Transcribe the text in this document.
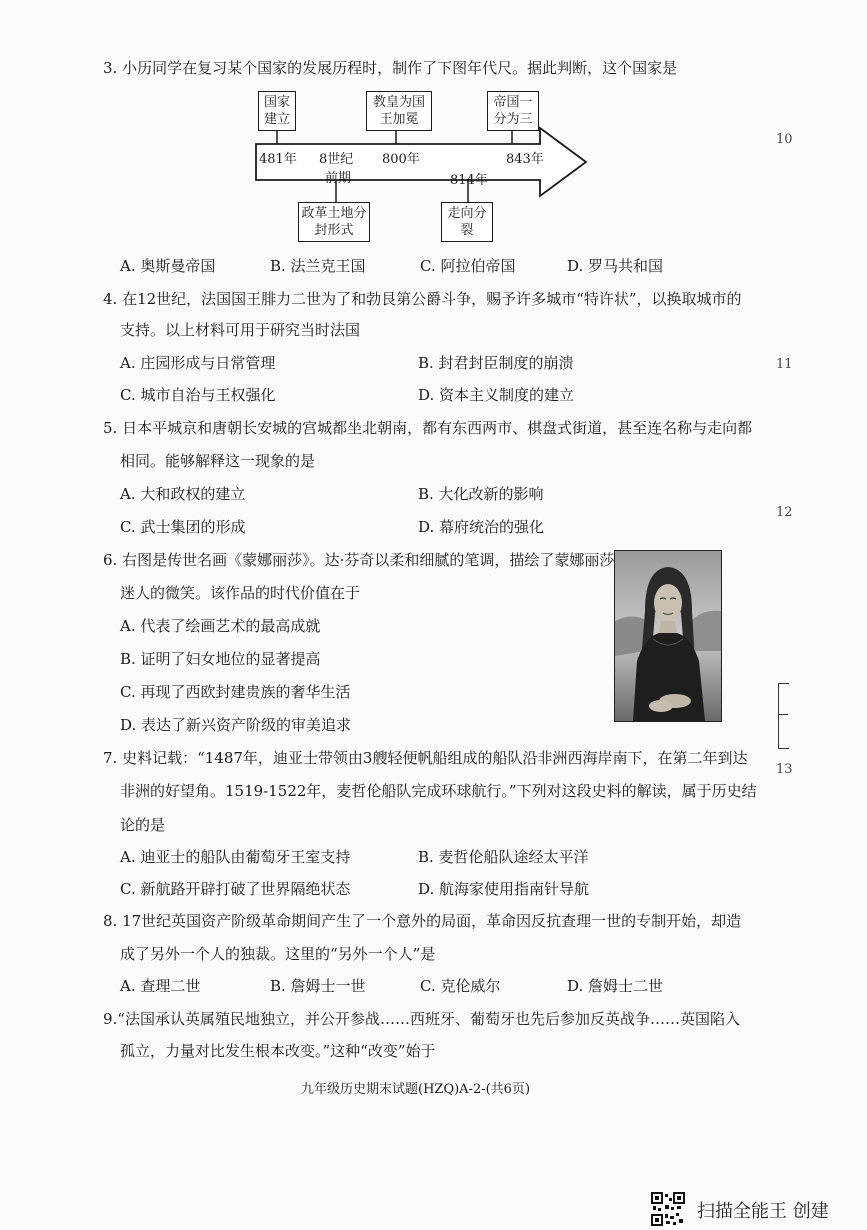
3. 小历同学在复习某个国家的发展历程时，制作了下图年代尺。据此判断，这个国家是
国家建立
教皇为国王加冕
帝国一分为三
481年 8世纪 800年	843年
前期	814年
政革土地分封形式
走向分裂
A. 奥斯曼帝国	B. 法兰克王国	C. 阿拉伯帝国	D. 罗马共和国
4. 在12世纪，法国国王腓力二世为了和勃艮第公爵斗争，赐予许多城市“特许状”，以换取城市的
支持。以上材料可用于研究当时法国
A. 庄园形成与日常管理	B. 封君封臣制度的崩溃
C. 城市自治与王权强化	D. 资本主义制度的建立
5. 日本平城京和唐朝长安城的宫城都坐北朝南，都有东西两市、棋盘式街道，甚至连名称与走向都
相同。能够解释这一现象的是
A. 大和政权的建立	B. 大化改新的影响
C. 武士集团的形成	D. 幕府统治的强化
6. 右图是传世名画《蒙娜丽莎》。达·芬奇以柔和细腻的笔调，描绘了蒙娜丽莎
迷人的微笑。该作品的时代价值在于
A. 代表了绘画艺术的最高成就
B. 证明了妇女地位的显著提高
C. 再现了西欧封建贵族的奢华生活
D. 表达了新兴资产阶级的审美追求
7. 史料记载：“1487年，迪亚士带领由3艘轻便帆船组成的船队沿非洲西海岸南下，在第二年到达
非洲的好望角。1519-1522年，麦哲伦船队完成环球航行。”下列对这段史料的解读，属于历史结
论的是
A. 迪亚士的船队由葡萄牙王室支持	B. 麦哲伦船队途经太平洋
C. 新航路开辟打破了世界隔绝状态	D. 航海家使用指南针导航
8. 17世纪英国资产阶级革命期间产生了一个意外的局面，革命因反抗查理一世的专制开始，却造
成了另外一个人的独裁。这里的“另外一个人”是
A. 查理二世	B. 詹姆士一世	C. 克伦威尔	D. 詹姆士二世
9.“法国承认英属殖民地独立，并公开参战……西班牙、葡萄牙也先后参加反英战争……英国陷入
孤立，力量对比发生根本改变。”这种“改变”始于
九年级历史期末试题(HZQ)A-2-(共6页)
10
11
12
13
扫描全能王 创建
